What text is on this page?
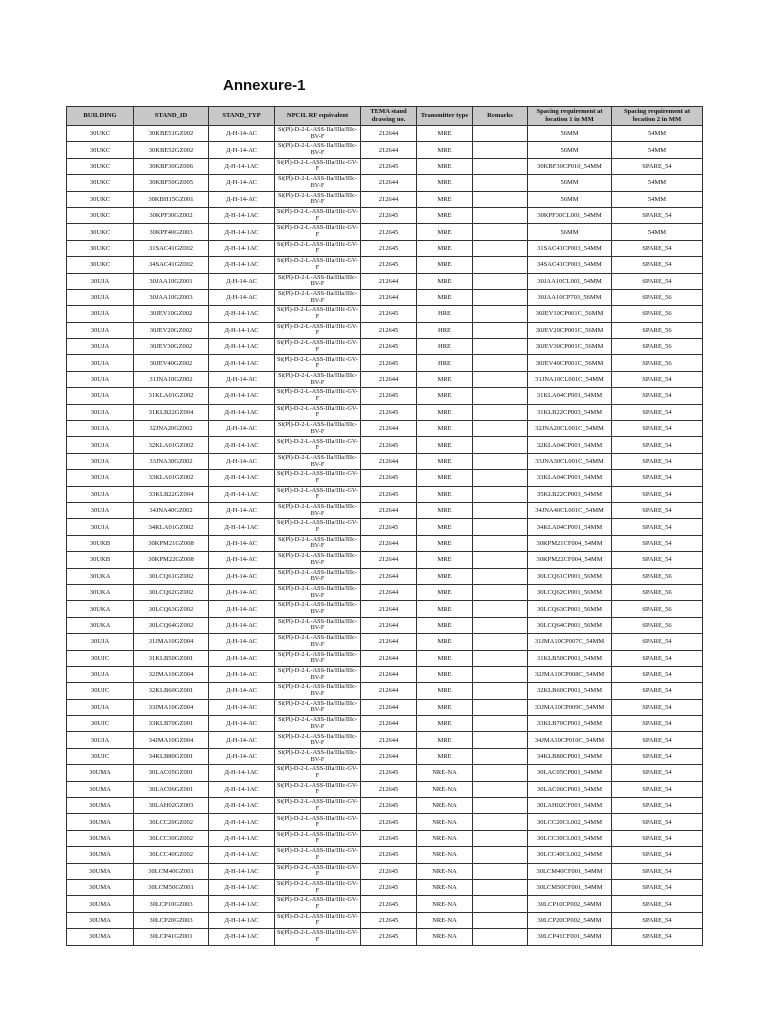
Annexure-1
BUILDING	STAND_ID	STAND_TYP	NPCIL RF equivalent	TEMA stand drawing no.	Transmitter type	Remarks	Spacing requirement at location 1 in MM	Spacing requirement at location 2 in MM
30UKC	30KBE51GZ002	Д-Н-14-АС	St(Pl)-D-2-L-ASS-IIa/IIIa/IIIc-BV-F	212644	MRE		56MM	54MM
30UKC	30KBE52GZ002	Д-Н-14-АС	St(Pl)-D-2-L-ASS-IIa/IIIa/IIIc-BV-F	212644	MRE		56MM	54MM
30UKC	30KBF30GZ006	Д-Н-14-1АС	St(Pl)-D-2-L-ASS-IIIa/IIIc-GV-F	212645	MRE		30KBF30CP010_54MM	SPARE_54
30UKC	30KBF50GZ005	Д-Н-14-АС	St(Pl)-D-2-L-ASS-IIa/IIIa/IIIc-BV-F	212644	MRE		56MM	54MM
30UKC	30KBH15GZ001	Д-Н-14-АС	St(Pl)-D-2-L-ASS-IIa/IIIa/IIIc-BV-F	212644	MRE		56MM	54MM
30UKC	30KPF30GZ002	Д-Н-14-1АС	St(Pl)-D-2-L-ASS-IIIa/IIIc-GV-F	212645	MRE		30KPF30CL001_54MM	SPARE_54
30UKC	30KPF40GZ003	Д-Н-14-1АС	St(Pl)-D-2-L-ASS-IIIa/IIIc-GV-F	212645	MRE		56MM	54MM
30UKC	31SAC41GZ002	Д-Н-14-1АС	St(Pl)-D-2-L-ASS-IIIa/IIIc-GV-F	212645	MRE		31SAC41CP003_54MM	SPARE_54
30UKC	34SAC41GZ002	Д-Н-14-1АС	St(Pl)-D-2-L-ASS-IIIa/IIIc-GV-F	212645	MRE		34SAC41CP003_54MM	SPARE_54
30UJA	30JAA10GZ001	Д-Н-14-АС	St(Pl)-D-2-L-ASS-IIa/IIIa/IIIc-BV-F	212644	MRE		30JAA10CL001_54MM	SPARE_54
30UJA	30JAA10GZ003	Д-Н-14-АС	St(Pl)-D-2-L-ASS-IIa/IIIa/IIIc-BV-F	212644	MRE		30JAA10CP703_56MM	SPARE_56
30UJA	30JEV10GZ002	Д-Н-14-1АС	St(Pl)-D-2-L-ASS-IIIa/IIIc-GV-F	212645	HRE		30JEV10CP001C_56MM	SPARE_56
30UJA	30JEV20GZ002	Д-Н-14-1АС	St(Pl)-D-2-L-ASS-IIIa/IIIc-GV-F	212645	HRE		30JEV20CP001C_56MM	SPARE_56
30UJA	30JEV30GZ002	Д-Н-14-1АС	St(Pl)-D-2-L-ASS-IIIa/IIIc-GV-F	212645	HRE		30JEV30CP001C_56MM	SPARE_56
30UJA	30JEV40GZ002	Д-Н-14-1АС	St(Pl)-D-2-L-ASS-IIIa/IIIc-GV-F	212645	HRE		30JEV40CP001C_56MM	SPARE_56
30UJA	31JNA10GZ002	Д-Н-14-АС	St(Pl)-D-2-L-ASS-IIa/IIIa/IIIc-BV-F	212644	MRE		31JNA10CL001C_54MM	SPARE_54
30UJA	31KLA01GZ002	Д-Н-14-1АС	St(Pl)-D-2-L-ASS-IIIa/IIIc-GV-F	212645	MRE		31KLA04CP001_54MM	SPARE_54
30UJA	31KLB22GZ004	Д-Н-14-1АС	St(Pl)-D-2-L-ASS-IIIa/IIIc-GV-F	212645	MRE		31KLB22CP003_54MM	SPARE_54
30UJA	32JNA20GZ002	Д-Н-14-АС	St(Pl)-D-2-L-ASS-IIa/IIIa/IIIc-BV-F	212644	MRE		32JNA20CL001C_54MM	SPARE_54
30UJA	32KLA01GZ002	Д-Н-14-1АС	St(Pl)-D-2-L-ASS-IIIa/IIIc-GV-F	212645	MRE		32KLA04CP001_54MM	SPARE_54
30UJA	33JNA30GZ002	Д-Н-14-АС	St(Pl)-D-2-L-ASS-IIa/IIIa/IIIc-BV-F	212644	MRE		33JNA30CL001C_54MM	SPARE_54
30UJA	33KLA01GZ002	Д-Н-14-1АС	St(Pl)-D-2-L-ASS-IIIa/IIIc-GV-F	212645	MRE		33KLA04CP001_54MM	SPARE_54
30UJA	33KLB22GZ004	Д-Н-14-1АС	St(Pl)-D-2-L-ASS-IIIa/IIIc-GV-F	212645	MRE		35KLB22CP003_54MM	SPARE_54
30UJA	34JNA40GZ002	Д-Н-14-АС	St(Pl)-D-2-L-ASS-IIa/IIIa/IIIc-BV-F	212644	MRE		34JNA40CL001C_54MM	SPARE_54
30UJA	34KLA01GZ002	Д-Н-14-1АС	St(Pl)-D-2-L-ASS-IIIa/IIIc-GV-F	212645	MRE		34KLA04CP001_54MM	SPARE_54
30UKB	30KPM21GZ008	Д-Н-14-АС	St(Pl)-D-2-L-ASS-IIa/IIIa/IIIc-BV-F	212644	MRE		30KPM21CF004_54MM	SPARE_54
30UKB	30KPM22GZ008	Д-Н-14-АС	St(Pl)-D-2-L-ASS-IIa/IIIa/IIIc-BV-F	212644	MRE		30KPM22CF004_54MM	SPARE_54
30UKA	30LCQ61GZ002	Д-Н-14-АС	St(Pl)-D-2-L-ASS-IIa/IIIa/IIIc-BV-F	212644	MRE		30LCQ61CP001_56MM	SPARE_56
30UKA	30LCQ62GZ002	Д-Н-14-АС	St(Pl)-D-2-L-ASS-IIa/IIIa/IIIc-BV-F	212644	MRE		30LCQ62CP001_56MM	SPARE_56
30UKA	30LCQ63GZ002	Д-Н-14-АС	St(Pl)-D-2-L-ASS-IIa/IIIa/IIIc-BV-F	212644	MRE		30LCQ63CP001_56MM	SPARE_56
30UKA	30LCQ64GZ002	Д-Н-14-АС	St(Pl)-D-2-L-ASS-IIa/IIIa/IIIc-BV-F	212644	MRE		30LCQ64CP001_56MM	SPARE_56
30UJA	31JMA10GZ004	Д-Н-14-АС	St(Pl)-D-2-L-ASS-IIa/IIIa/IIIc-BV-F	212644	MRE		31JMA10CP007C_54MM	SPARE_54
30UJC	31KLB50GZ001	Д-Н-14-АС	St(Pl)-D-2-L-ASS-IIa/IIIa/IIIc-BV-F	212644	MRE		31KLB50CP001_54MM	SPARE_54
30UJA	32JMA10GZ004	Д-Н-14-АС	St(Pl)-D-2-L-ASS-IIa/IIIa/IIIc-BV-F	212644	MRE		32JMA10CP008C_54MM	SPARE_54
30UJC	32KLB60GZ001	Д-Н-14-АС	St(Pl)-D-2-L-ASS-IIa/IIIa/IIIc-BV-F	212644	MRE		32KLB60CP001_54MM	SPARE_54
30UJA	33JMA10GZ004	Д-Н-14-АС	St(Pl)-D-2-L-ASS-IIa/IIIa/IIIc-BV-F	212644	MRE		33JMA10CP009C_54MM	SPARE_54
30UJC	33KLB70GZ001	Д-Н-14-АС	St(Pl)-D-2-L-ASS-IIa/IIIa/IIIc-BV-F	212644	MRE		33KLB70CP001_54MM	SPARE_54
30UJA	34JMA10GZ004	Д-Н-14-АС	St(Pl)-D-2-L-ASS-IIa/IIIa/IIIc-BV-F	212644	MRE		34JMA10CP010C_54MM	SPARE_54
30UJC	34KLB80GZ001	Д-Н-14-АС	St(Pl)-D-2-L-ASS-IIa/IIIa/IIIc-BV-F	212644	MRE		34KLB80CP001_54MM	SPARE_54
30UMA	30LAC05GZ001	Д-Н-14-1АС	St(Pl)-D-2-L-ASS-IIIa/IIIc-GV-F	212645	NRE-NA		30LAC05CP001_54MM	SPARE_54
30UMA	30LAC06GZ001	Д-Н-14-1АС	St(Pl)-D-2-L-ASS-IIIa/IIIc-GV-F	212645	NRE-NA		30LAC06CP001_54MM	SPARE_54
30UMA	30LAH02GZ003	Д-Н-14-1АС	St(Pl)-D-2-L-ASS-IIIa/IIIc-GV-F	212645	NRE-NA		30LAH02CF001_54MM	SPARE_54
30UMA	30LCC20GZ002	Д-Н-14-1АС	St(Pl)-D-2-L-ASS-IIIa/IIIc-GV-F	212645	NRE-NA		30LCC20CL002_54MM	SPARE_54
30UMA	30LCC30GZ002	Д-Н-14-1АС	St(Pl)-D-2-L-ASS-IIIa/IIIc-GV-F	212645	NRE-NA		30LCC30CL003_54MM	SPARE_54
30UMA	30LCC40GZ002	Д-Н-14-1АС	St(Pl)-D-2-L-ASS-IIIa/IIIc-GV-F	212645	NRE-NA		30LCC40CL002_54MM	SPARE_54
30UMA	30LCM40GZ001	Д-Н-14-1АС	St(Pl)-D-2-L-ASS-IIIa/IIIc-GV-F	212645	NRE-NA		30LCM40CF001_54MM	SPARE_54
30UMA	30LCM50GZ001	Д-Н-14-1АС	St(Pl)-D-2-L-ASS-IIIa/IIIc-GV-F	212645	NRE-NA		30LCM50CF001_54MM	SPARE_54
30UMA	30LCP10GZ003	Д-Н-14-1АС	St(Pl)-D-2-L-ASS-IIIa/IIIc-GV-F	212645	NRE-NA		30LCP10CP002_54MM	SPARE_54
30UMA	30LCP20GZ003	Д-Н-14-1АС	St(Pl)-D-2-L-ASS-IIIa/IIIc-GV-F	212645	NRE-NA		30LCP20CP002_54MM	SPARE_54
30UMA	30LCP41GZ001	Д-Н-14-1АС	St(Pl)-D-2-L-ASS-IIIa/IIIc-GV-F	212645	NRE-NA		30LCP41CF001_54MM	SPARE_54
